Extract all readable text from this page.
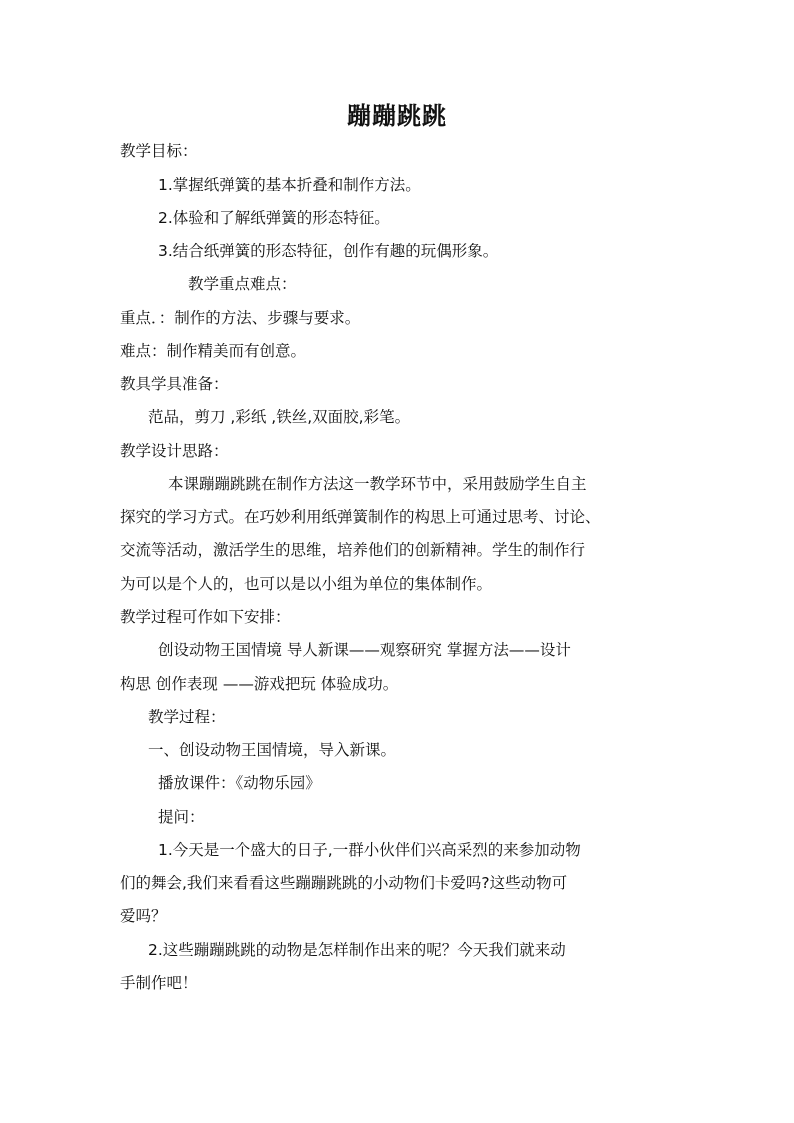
蹦蹦跳跳
教学目标：
1.掌握纸弹簧的基本折叠和制作方法。
2.体验和了解纸弹簧的形态特征。
3.结合纸弹簧的形态特征，创作有趣的玩偶形象。
教学重点难点：
重点．：制作的方法、步骤与要求。
难点：制作精美而有创意。
教具学具准备：
范品，剪刀 ,彩纸 ,铁丝,双面胶,彩笔。
教学设计思路：
本课蹦蹦跳跳在制作方法这一教学环节中，采用鼓励学生自主
探究的学习方式。在巧妙利用纸弹簧制作的构思上可通过思考、讨论、
交流等活动，激活学生的思维，培养他们的创新精神。学生的制作行
为可以是个人的，也可以是以小组为单位的集体制作。
教学过程可作如下安排：
创设动物王国情境 导人新课——观察研究 掌握方法——设计
构思 创作表现 ——游戏把玩 体验成功。
教学过程：
一、创设动物王国情境，导入新课。
播放课件：《动物乐园》
提问：
1.今天是一个盛大的日子,一群小伙伴们兴高采烈的来参加动物
们的舞会,我们来看看这些蹦蹦跳跳的小动物们卡爱吗?这些动物可
爱吗？
2.这些蹦蹦跳跳的动物是怎样制作出来的呢？今天我们就来动
手制作吧！
